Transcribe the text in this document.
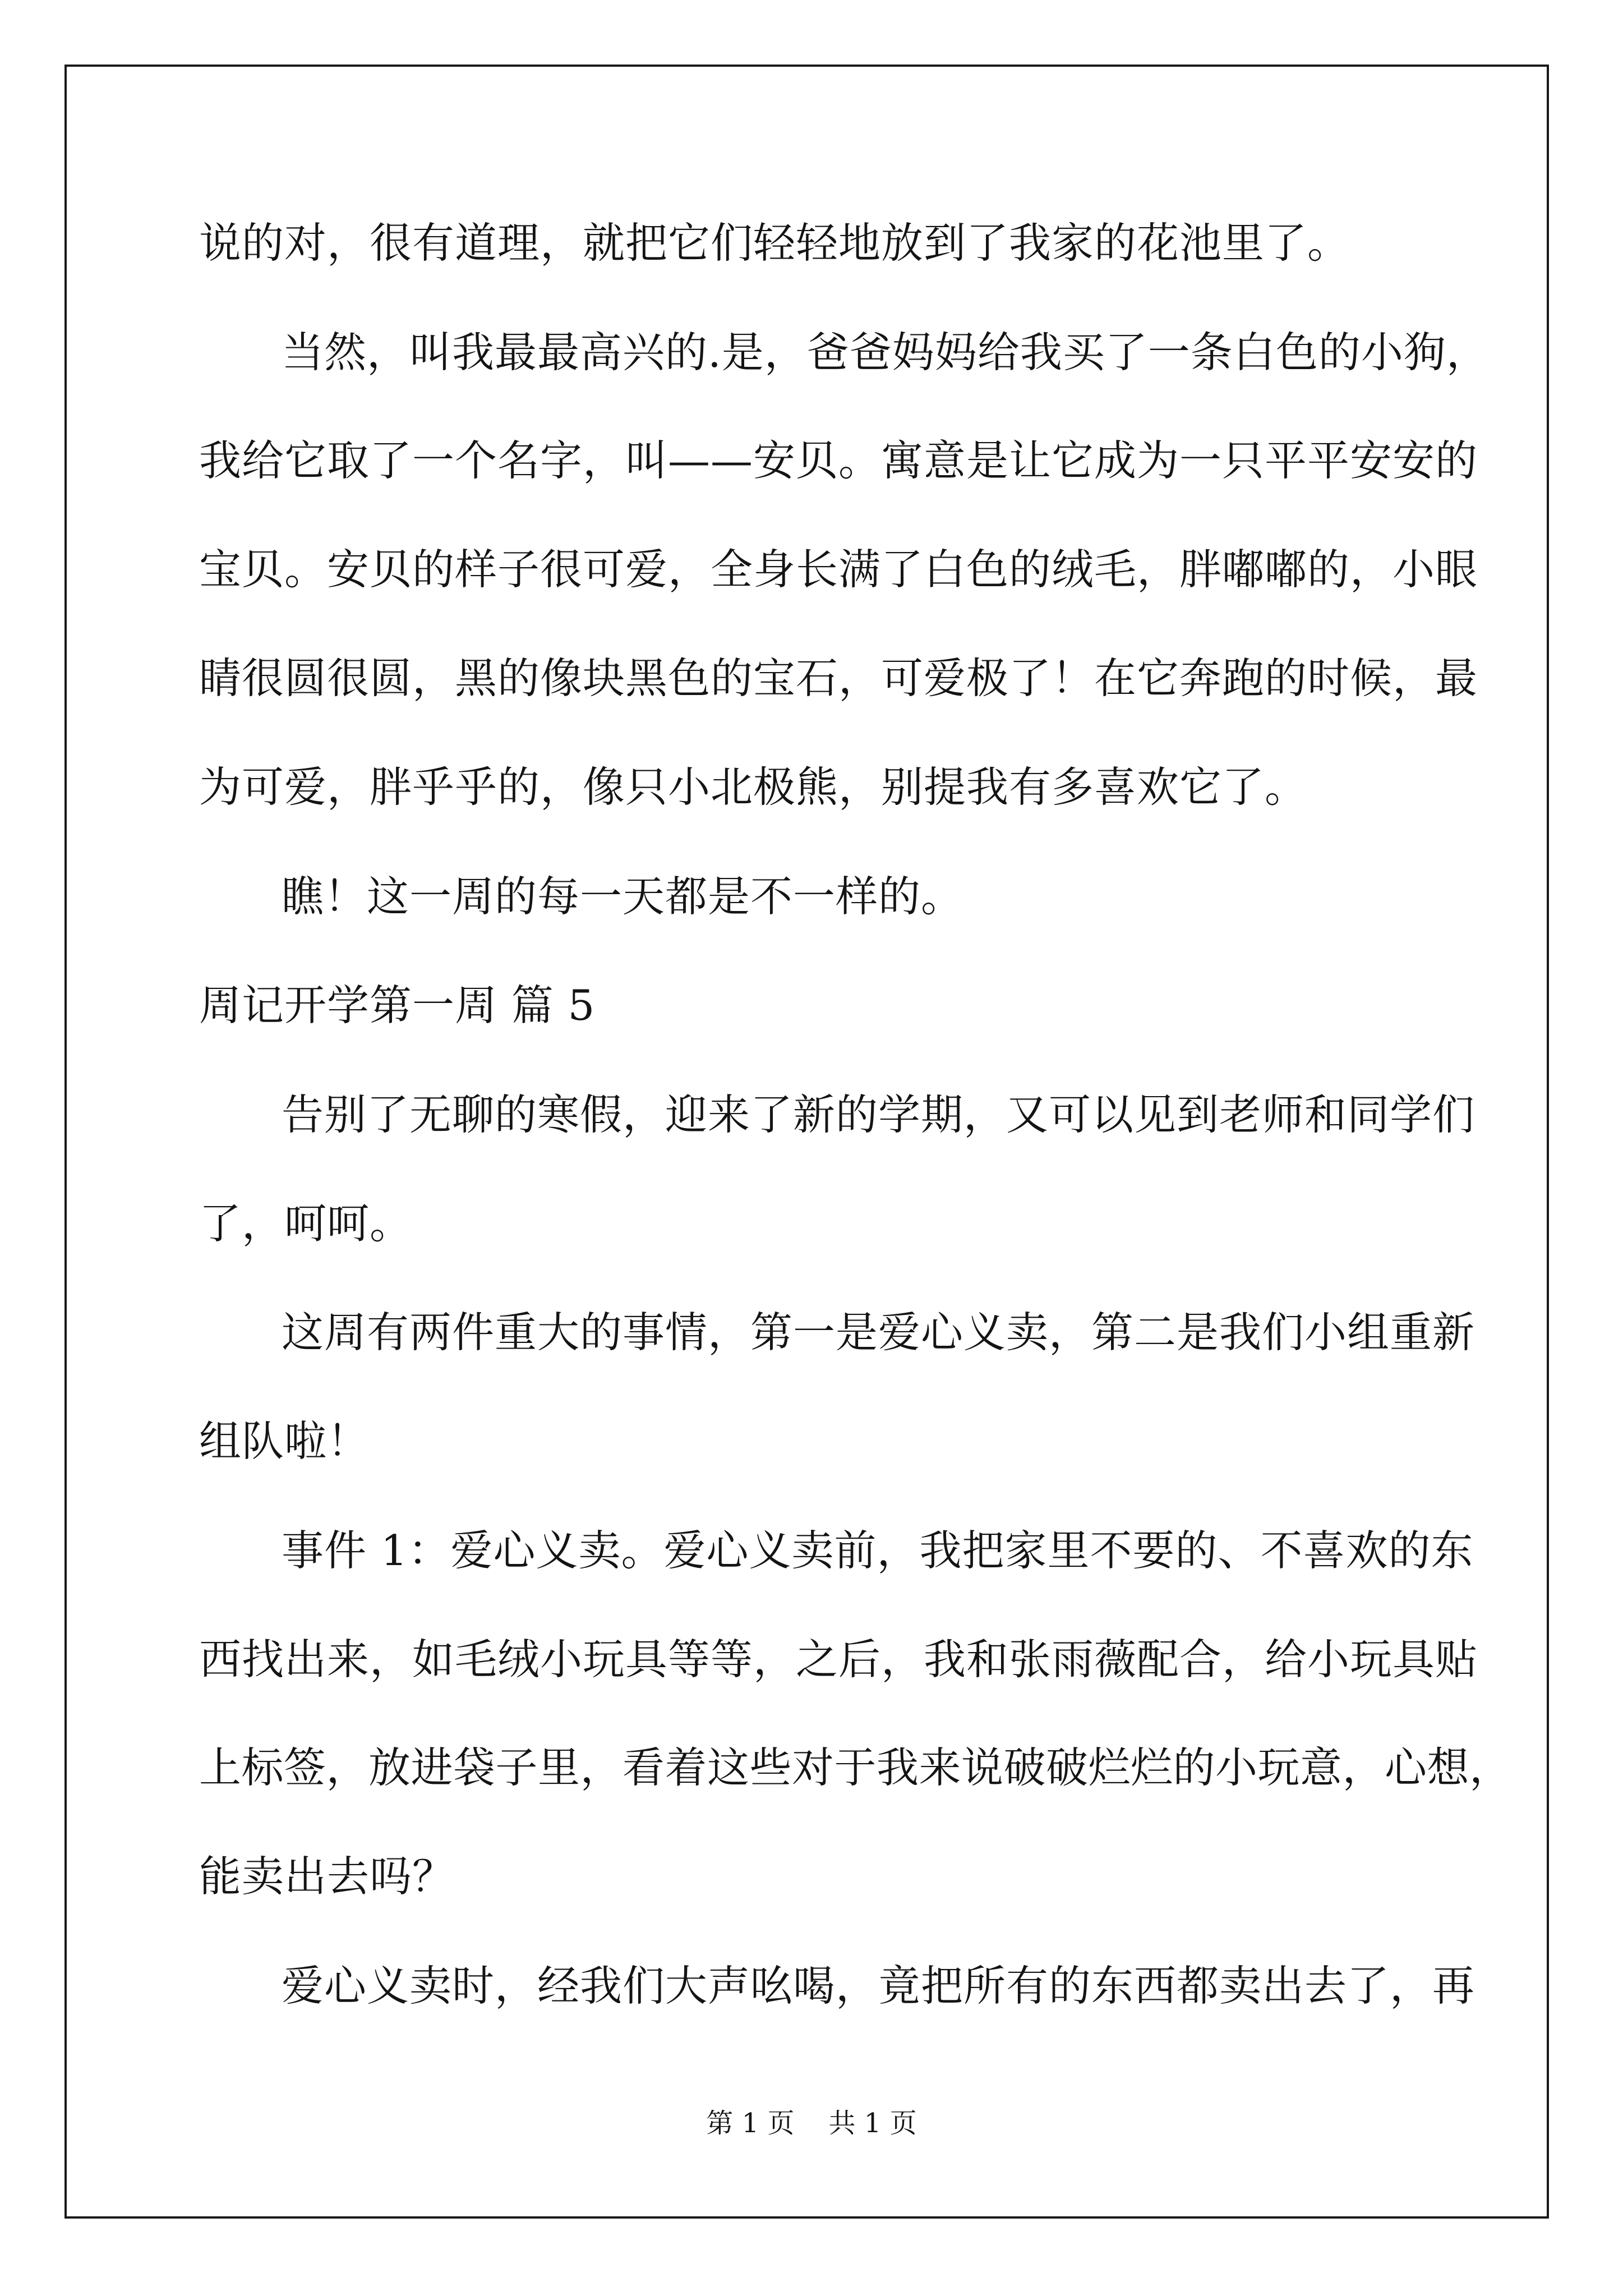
说的对，很有道理，就把它们轻轻地放到了我家的花池里了。
当然，叫我最最高兴的.是，爸爸妈妈给我买了一条白色的小狗，
我给它取了一个名字，叫——安贝。寓意是让它成为一只平平安安的
宝贝。安贝的样子很可爱，全身长满了白色的绒毛，胖嘟嘟的，小眼
睛很圆很圆，黑的像块黑色的宝石，可爱极了！在它奔跑的时候，最
为可爱，胖乎乎的，像只小北极熊，别提我有多喜欢它了。
瞧！这一周的每一天都是不一样的。
周记开学第一周 篇 5
告别了无聊的寒假，迎来了新的学期，又可以见到老师和同学们
了，呵呵。
这周有两件重大的事情，第一是爱心义卖，第二是我们小组重新
组队啦！
事件 1：爱心义卖。爱心义卖前，我把家里不要的、不喜欢的东
西找出来，如毛绒小玩具等等，之后，我和张雨薇配合，给小玩具贴
上标签，放进袋子里，看着这些对于我来说破破烂烂的小玩意，心想，
能卖出去吗？
爱心义卖时，经我们大声吆喝，竟把所有的东西都卖出去了，再
第 1 页    共 1 页
